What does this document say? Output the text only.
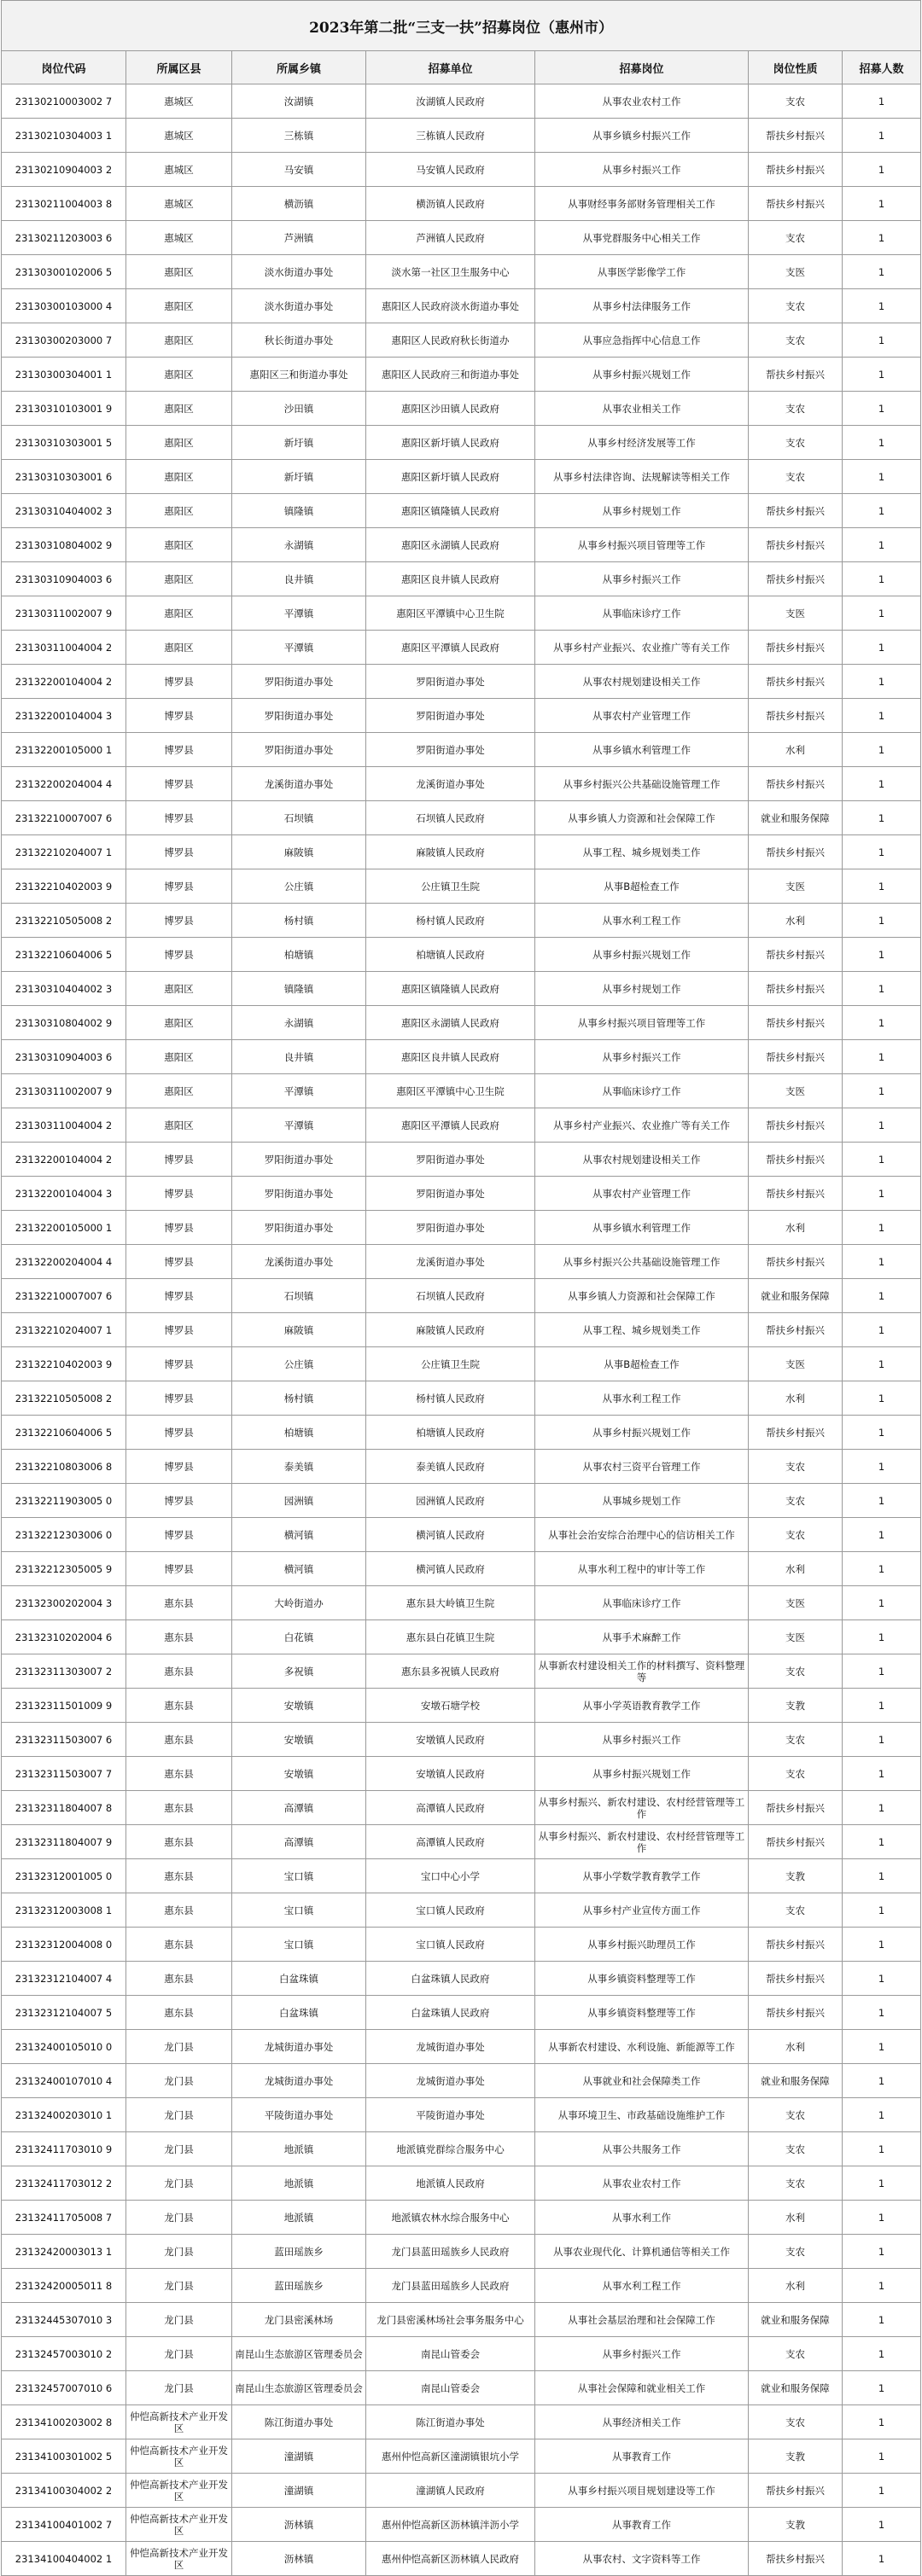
2023年第二批“三支一扶”招募岗位（惠州市）						
岗位代码	所属区县	所属乡镇	招募单位	招募岗位	岗位性质	招募人数
23130210003002 7	惠城区	汝湖镇	汝湖镇人民政府	从事农业农村工作	支农	1
23130210304003 1	惠城区	三栋镇	三栋镇人民政府	从事乡镇乡村振兴工作	帮扶乡村振兴	1
23130210904003 2	惠城区	马安镇	马安镇人民政府	从事乡村振兴工作	帮扶乡村振兴	1
23130211004003 8	惠城区	横沥镇	横沥镇人民政府	从事财经事务部财务管理相关工作	帮扶乡村振兴	1
23130211203003 6	惠城区	芦洲镇	芦洲镇人民政府	从事党群服务中心相关工作	支农	1
23130300102006 5	惠阳区	淡水街道办事处	淡水第一社区卫生服务中心	从事医学影像学工作	支医	1
23130300103000 4	惠阳区	淡水街道办事处	惠阳区人民政府淡水街道办事处	从事乡村法律服务工作	支农	1
23130300203000 7	惠阳区	秋长街道办事处	惠阳区人民政府秋长街道办	从事应急指挥中心信息工作	支农	1
23130300304001 1	惠阳区	惠阳区三和街道办事处	惠阳区人民政府三和街道办事处	从事乡村振兴规划工作	帮扶乡村振兴	1
23130310103001 9	惠阳区	沙田镇	惠阳区沙田镇人民政府	从事农业相关工作	支农	1
23130310303001 5	惠阳区	新圩镇	惠阳区新圩镇人民政府	从事乡村经济发展等工作	支农	1
23130310303001 6	惠阳区	新圩镇	惠阳区新圩镇人民政府	从事乡村法律咨询、法规解读等相关工作	支农	1
23130310404002 3	惠阳区	镇隆镇	惠阳区镇隆镇人民政府	从事乡村规划工作	帮扶乡村振兴	1
23130310804002 9	惠阳区	永湖镇	惠阳区永湖镇人民政府	从事乡村振兴项目管理等工作	帮扶乡村振兴	1
23130310904003 6	惠阳区	良井镇	惠阳区良井镇人民政府	从事乡村振兴工作	帮扶乡村振兴	1
23130311002007 9	惠阳区	平潭镇	惠阳区平潭镇中心卫生院	从事临床诊疗工作	支医	1
23130311004004 2	惠阳区	平潭镇	惠阳区平潭镇人民政府	从事乡村产业振兴、农业推广等有关工作	帮扶乡村振兴	1
23132200104004 2	博罗县	罗阳街道办事处	罗阳街道办事处	从事农村规划建设相关工作	帮扶乡村振兴	1
23132200104004 3	博罗县	罗阳街道办事处	罗阳街道办事处	从事农村产业管理工作	帮扶乡村振兴	1
23132200105000 1	博罗县	罗阳街道办事处	罗阳街道办事处	从事乡镇水利管理工作	水利	1
23132200204004 4	博罗县	龙溪街道办事处	龙溪街道办事处	从事乡村振兴公共基础设施管理工作	帮扶乡村振兴	1
23132210007007 6	博罗县	石坝镇	石坝镇人民政府	从事乡镇人力资源和社会保障工作	就业和服务保障	1
23132210204007 1	博罗县	麻陂镇	麻陂镇人民政府	从事工程、城乡规划类工作	帮扶乡村振兴	1
23132210402003 9	博罗县	公庄镇	公庄镇卫生院	从事B超检查工作	支医	1
23132210505008 2	博罗县	杨村镇	杨村镇人民政府	从事水利工程工作	水利	1
23132210604006 5	博罗县	柏塘镇	柏塘镇人民政府	从事乡村振兴规划工作	帮扶乡村振兴	1
23130310404002 3	惠阳区	镇隆镇	惠阳区镇隆镇人民政府	从事乡村规划工作	帮扶乡村振兴	1
23130310804002 9	惠阳区	永湖镇	惠阳区永湖镇人民政府	从事乡村振兴项目管理等工作	帮扶乡村振兴	1
23130310904003 6	惠阳区	良井镇	惠阳区良井镇人民政府	从事乡村振兴工作	帮扶乡村振兴	1
23130311002007 9	惠阳区	平潭镇	惠阳区平潭镇中心卫生院	从事临床诊疗工作	支医	1
23130311004004 2	惠阳区	平潭镇	惠阳区平潭镇人民政府	从事乡村产业振兴、农业推广等有关工作	帮扶乡村振兴	1
23132200104004 2	博罗县	罗阳街道办事处	罗阳街道办事处	从事农村规划建设相关工作	帮扶乡村振兴	1
23132200104004 3	博罗县	罗阳街道办事处	罗阳街道办事处	从事农村产业管理工作	帮扶乡村振兴	1
23132200105000 1	博罗县	罗阳街道办事处	罗阳街道办事处	从事乡镇水利管理工作	水利	1
23132200204004 4	博罗县	龙溪街道办事处	龙溪街道办事处	从事乡村振兴公共基础设施管理工作	帮扶乡村振兴	1
23132210007007 6	博罗县	石坝镇	石坝镇人民政府	从事乡镇人力资源和社会保障工作	就业和服务保障	1
23132210204007 1	博罗县	麻陂镇	麻陂镇人民政府	从事工程、城乡规划类工作	帮扶乡村振兴	1
23132210402003 9	博罗县	公庄镇	公庄镇卫生院	从事B超检查工作	支医	1
23132210505008 2	博罗县	杨村镇	杨村镇人民政府	从事水利工程工作	水利	1
23132210604006 5	博罗县	柏塘镇	柏塘镇人民政府	从事乡村振兴规划工作	帮扶乡村振兴	1
23132210803006 8	博罗县	泰美镇	泰美镇人民政府	从事农村三资平台管理工作	支农	1
23132211903005 0	博罗县	园洲镇	园洲镇人民政府	从事城乡规划工作	支农	1
23132212303006 0	博罗县	横河镇	横河镇人民政府	从事社会治安综合治理中心的信访相关工作	支农	1
23132212305005 9	博罗县	横河镇	横河镇人民政府	从事水利工程中的审计等工作	水利	1
23132300202004 3	惠东县	大岭街道办	惠东县大岭镇卫生院	从事临床诊疗工作	支医	1
23132310202004 6	惠东县	白花镇	惠东县白花镇卫生院	从事手术麻醉工作	支医	1
23132311303007 2	惠东县	多祝镇	惠东县多祝镇人民政府	从事新农村建设相关工作的材料撰写、资料整理等	支农	1
23132311501009 9	惠东县	安墩镇	安墩石塘学校	从事小学英语教育教学工作	支教	1
23132311503007 6	惠东县	安墩镇	安墩镇人民政府	从事乡村振兴工作	支农	1
23132311503007 7	惠东县	安墩镇	安墩镇人民政府	从事乡村振兴规划工作	支农	1
23132311804007 8	惠东县	高潭镇	高潭镇人民政府	从事乡村振兴、新农村建设、农村经营管理等工作	帮扶乡村振兴	1
23132311804007 9	惠东县	高潭镇	高潭镇人民政府	从事乡村振兴、新农村建设、农村经营管理等工作	帮扶乡村振兴	1
23132312001005 0	惠东县	宝口镇	宝口中心小学	从事小学数学教育教学工作	支教	1
23132312003008 1	惠东县	宝口镇	宝口镇人民政府	从事乡村产业宣传方面工作	支农	1
23132312004008 0	惠东县	宝口镇	宝口镇人民政府	从事乡村振兴助理员工作	帮扶乡村振兴	1
23132312104007 4	惠东县	白盆珠镇	白盆珠镇人民政府	从事乡镇资料整理等工作	帮扶乡村振兴	1
23132312104007 5	惠东县	白盆珠镇	白盆珠镇人民政府	从事乡镇资料整理等工作	帮扶乡村振兴	1
23132400105010 0	龙门县	龙城街道办事处	龙城街道办事处	从事新农村建设、水利设施、新能源等工作	水利	1
23132400107010 4	龙门县	龙城街道办事处	龙城街道办事处	从事就业和社会保障类工作	就业和服务保障	1
23132400203010 1	龙门县	平陵街道办事处	平陵街道办事处	从事环境卫生、市政基础设施维护工作	支农	1
23132411703010 9	龙门县	地派镇	地派镇党群综合服务中心	从事公共服务工作	支农	1
23132411703012 2	龙门县	地派镇	地派镇人民政府	从事农业农村工作	支农	1
23132411705008 7	龙门县	地派镇	地派镇农林水综合服务中心	从事水利工作	水利	1
23132420003013 1	龙门县	蓝田瑶族乡	龙门县蓝田瑶族乡人民政府	从事农业现代化、计算机通信等相关工作	支农	1
23132420005011 8	龙门县	蓝田瑶族乡	龙门县蓝田瑶族乡人民政府	从事水利工程工作	水利	1
23132445307010 3	龙门县	龙门县密溪林场	龙门县密溪林场社会事务服务中心	从事社会基层治理和社会保障工作	就业和服务保障	1
23132457003010 2	龙门县	南昆山生态旅游区管理委员会	南昆山管委会	从事乡村振兴工作	支农	1
23132457007010 6	龙门县	南昆山生态旅游区管理委员会	南昆山管委会	从事社会保障和就业相关工作	就业和服务保障	1
23134100203002 8	仲恺高新技术产业开发区	陈江街道办事处	陈江街道办事处	从事经济相关工作	支农	1
23134100301002 5	仲恺高新技术产业开发区	潼湖镇	惠州仲恺高新区潼湖镇银坑小学	从事教育工作	支教	1
23134100304002 2	仲恺高新技术产业开发区	潼湖镇	潼湖镇人民政府	从事乡村振兴项目规划建设等工作	帮扶乡村振兴	1
23134100401002 7	仲恺高新技术产业开发区	沥林镇	惠州仲恺高新区沥林镇泮沥小学	从事教育工作	支教	1
23134100404002 1	仲恺高新技术产业开发区	沥林镇	惠州仲恺高新区沥林镇人民政府	从事农村、文字资料等工作	帮扶乡村振兴	1
